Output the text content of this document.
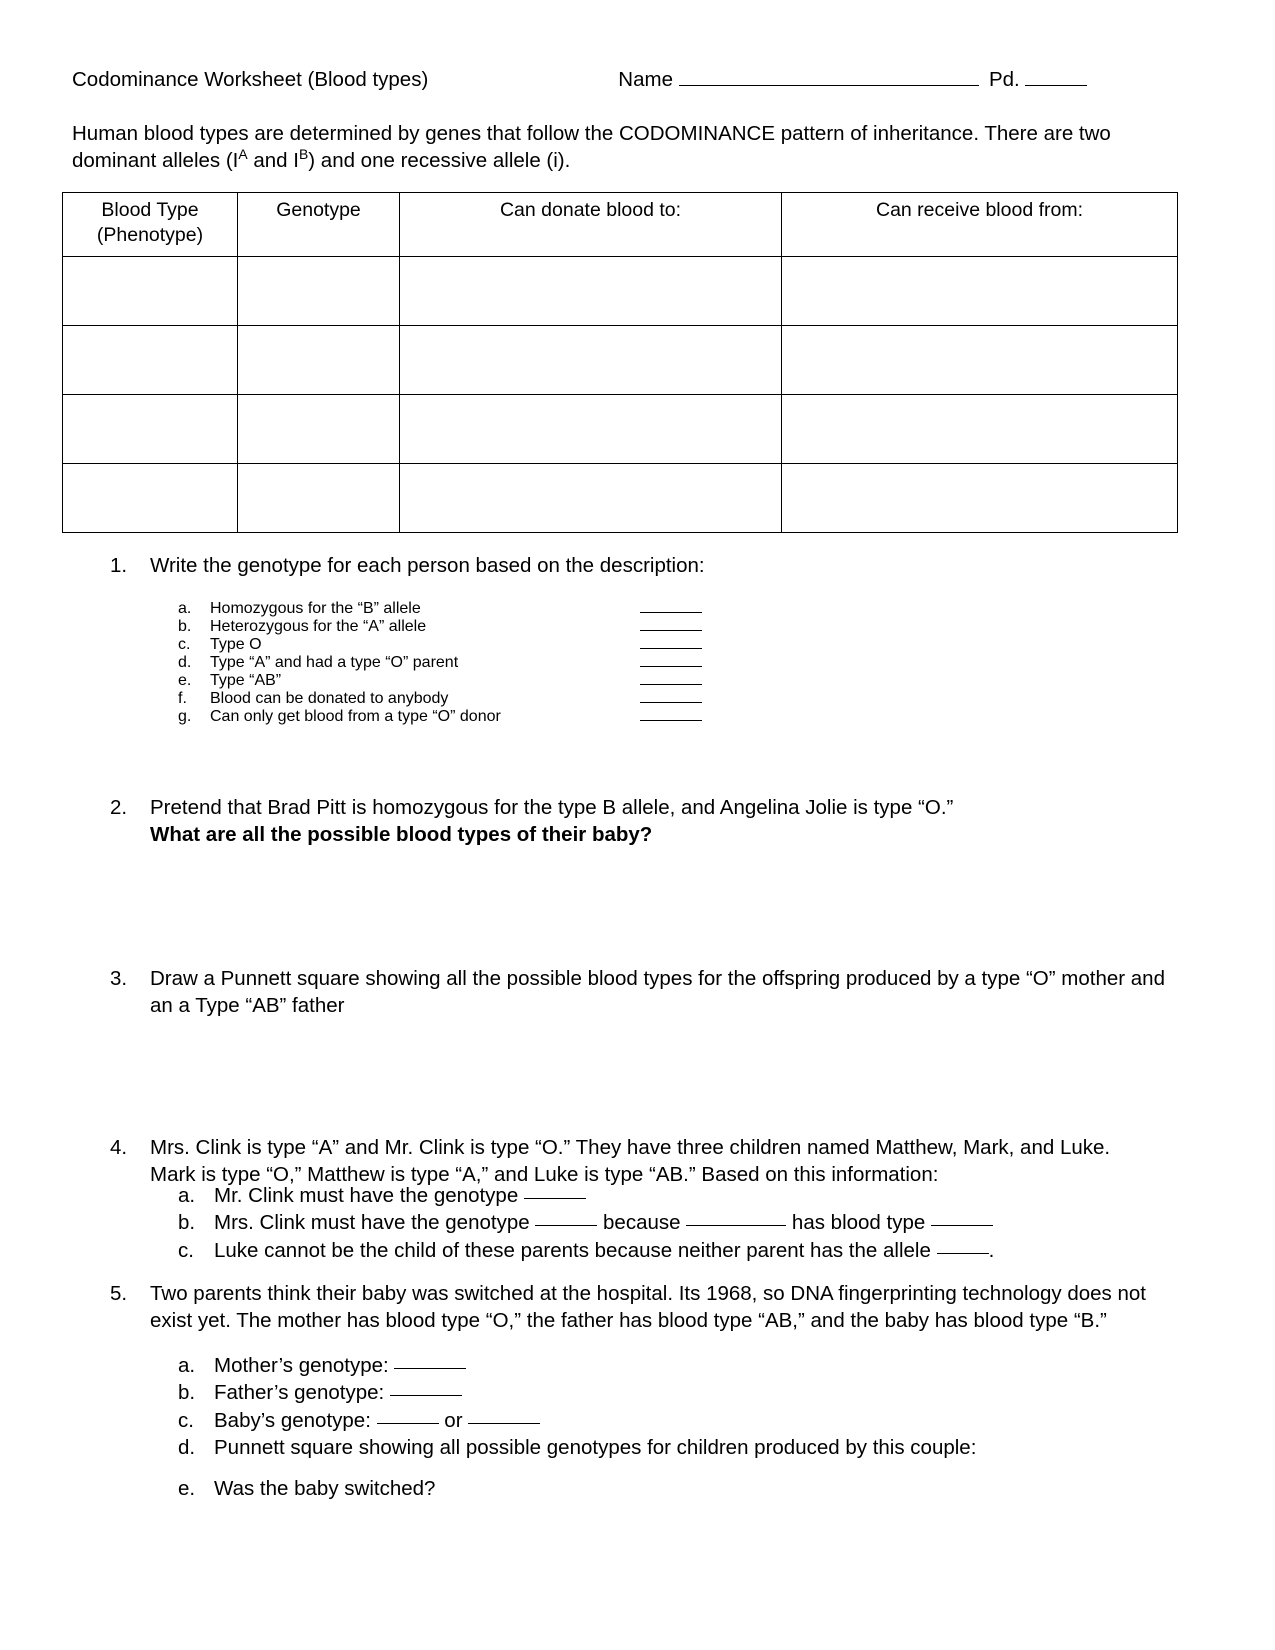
Codominance Worksheet (Blood types)	Name	Pd.
Human blood types are determined by genes that follow the CODOMINANCE pattern of inheritance. There are two dominant alleles ($I^A$ and $I^B$) and one recessive allele (i).
Blood Type
(Phenotype)	Genotype	Can donate blood to:	Can receive blood from:

1.	Write the genotype for each person based on the description:
a.	Homozygous for the “B” allele
b.	Heterozygous for the “A” allele
c.	Type O
d.	Type “A” and had a type “O” parent
e.	Type “AB”
f.	Blood can be donated to anybody
g.	Can only get blood from a type “O” donor
2.	Pretend that Brad Pitt is homozygous for the type B allele, and Angelina Jolie is type “O.”
What are all the possible blood types of their baby?
3.	Draw a Punnett square showing all the possible blood types for the offspring produced by a type “O” mother and an a Type “AB” father
4.	Mrs. Clink is type “A” and Mr. Clink is type “O.” They have three children named Matthew, Mark, and Luke. Mark is type “O,” Matthew is type “A,” and Luke is type “AB.” Based on this information:
a. Mr. Clink must have the genotype
b. Mrs. Clink must have the genotype	because	has blood type
c. Luke cannot be the child of these parents because neither parent has the allele	.
5.	Two parents think their baby was switched at the hospital. Its 1968, so DNA fingerprinting technology does not exist yet. The mother has blood type “O,” the father has blood type “AB,” and the baby has blood type “B.”
a. Mother’s genotype:
b. Father’s genotype:
c. Baby’s genotype:	or
d. Punnett square showing all possible genotypes for children produced by this couple:
e. Was the baby switched?
